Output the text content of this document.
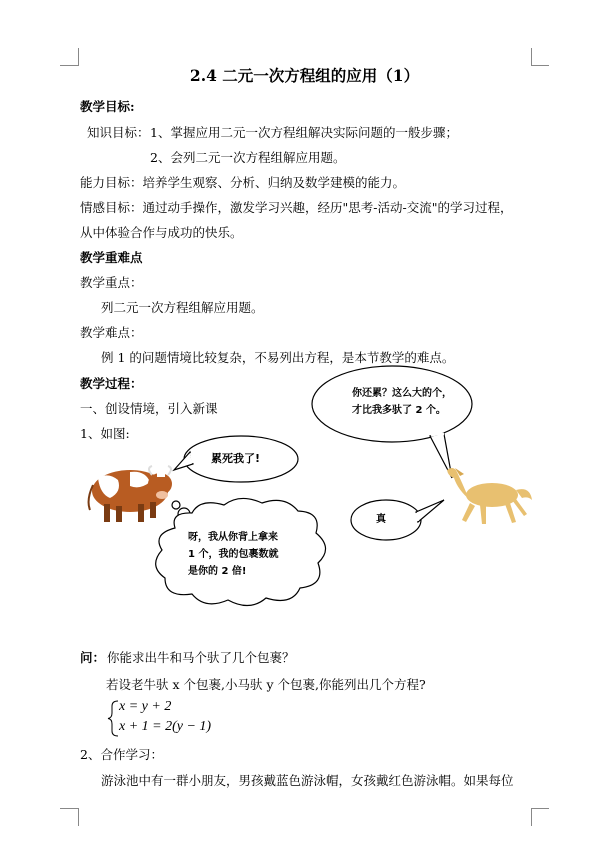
2.4 二元一次方程组的应用（1）
教学目标:
知识目标： 1、掌握应用二元一次方程组解决实际问题的一般步骤；
2、会列二元一次方程组解应用题。
能力目标：培养学生观察、分析、归纳及数学建模的能力。
情感目标：通过动手操作，激发学习兴趣，经历"思考-活动-交流"的学习过程，
从中体验合作与成功的快乐。
教学重难点
教学重点：
列二元一次方程组解应用题。
教学难点：
例 1 的问题情境比较复杂，不易列出方程，是本节教学的难点。
教学过程：
一、创设情境，引入新课
1、如图:
你还累？这么大的个，
才比我多驮了 2 个。
累死我了!
真
呀，我从你背上拿来
1 个，我的包裹数就
是你的 2 倍!
问： 你能求出牛和马个驮了几个包裹？
若设老牛驮 x 个包裹,小马驮 y 个包裹,你能列出几个方程?
x = y + 2
x + 1 = 2(y − 1)
2、合作学习：
游泳池中有一群小朋友，男孩戴蓝色游泳帽，女孩戴红色游泳帽。如果每位
